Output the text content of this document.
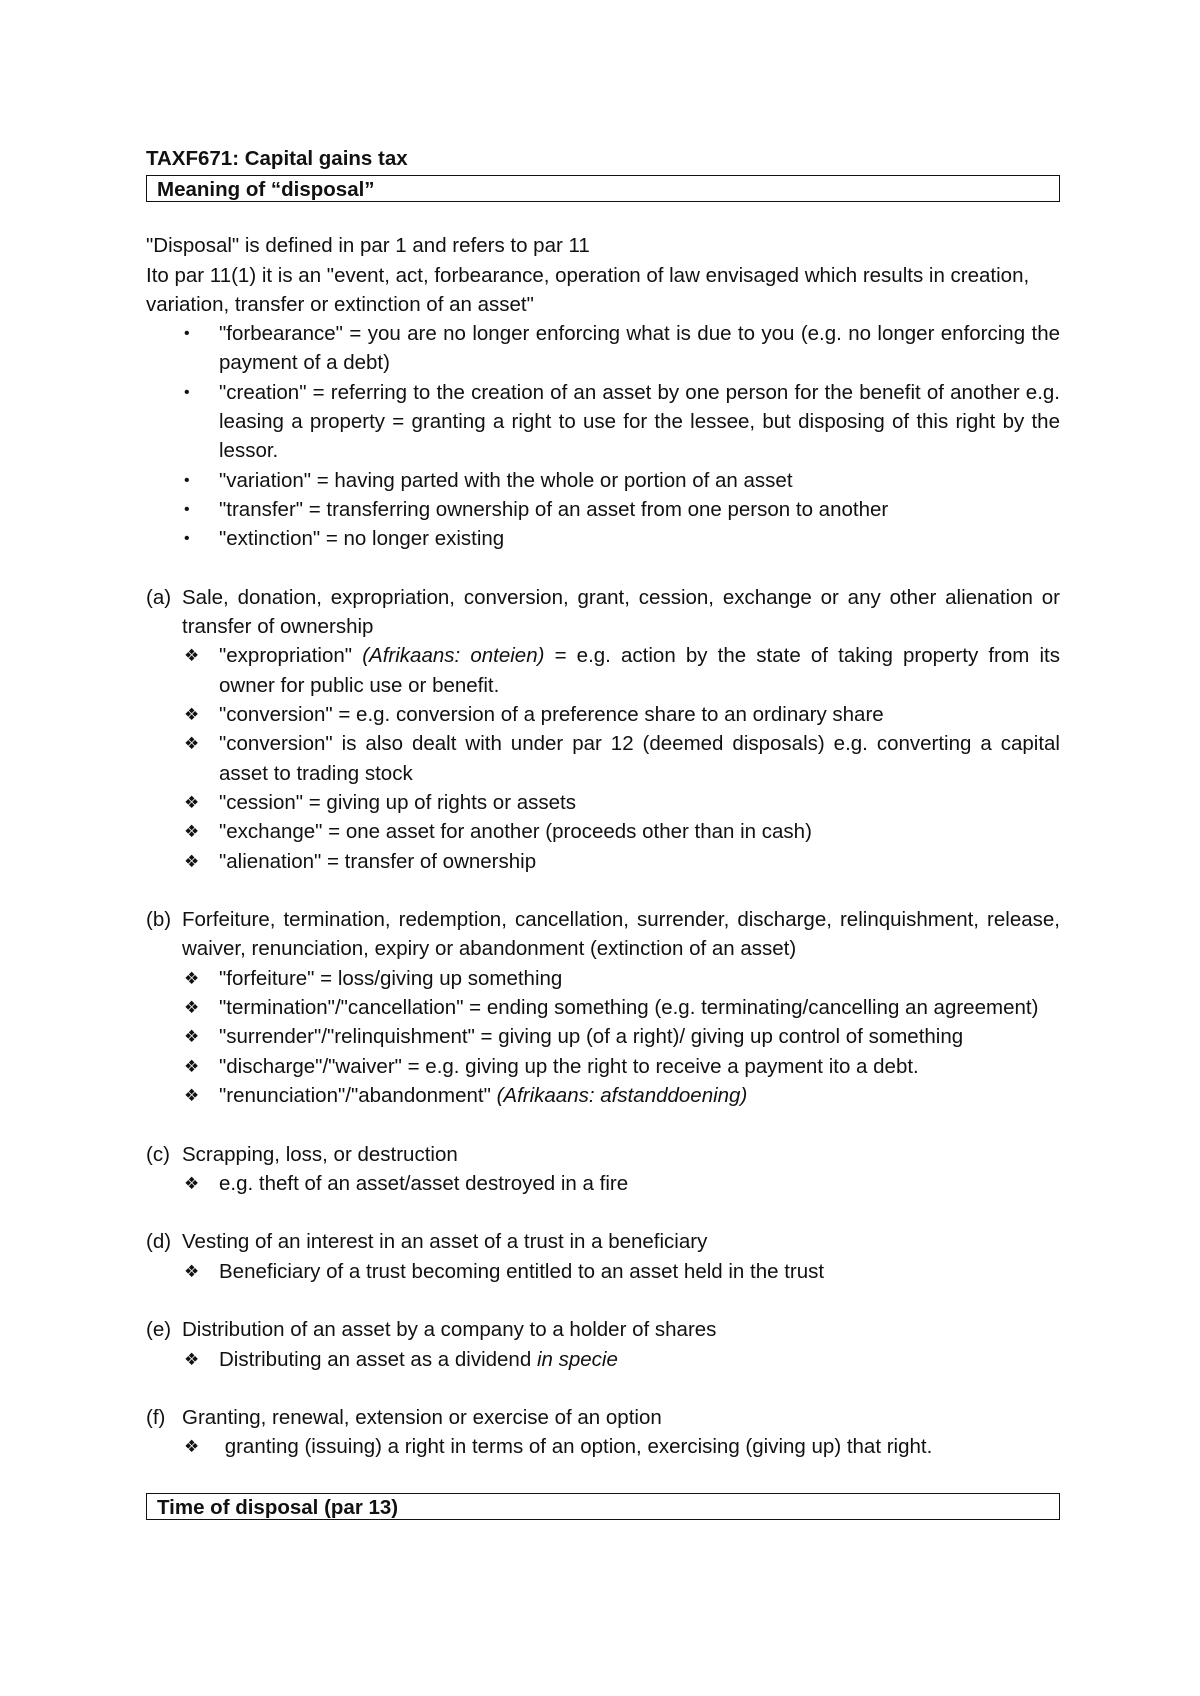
TAXF671: Capital gains tax

Meaning of “disposal”

"Disposal" is defined in par 1 and refers to par 11

Ito par 11(1) it is an "event, act, forbearance, operation of law envisaged which results in creation, variation, transfer or extinction of an asset"

• "forbearance" = you are no longer enforcing what is due to you (e.g. no longer enforcing the payment of a debt)
• "creation" = referring to the creation of an asset by one person for the benefit of another e.g. leasing a property = granting a right to use for the lessee, but disposing of this right by the lessor.
• "variation" = having parted with the whole or portion of an asset
• "transfer" = transferring ownership of an asset from one person to another
• "extinction" = no longer existing
(a) Sale, donation, expropriation, conversion, grant, cession, exchange or any other alienation or transfer of ownership

❖ "expropriation" (Afrikaans: onteien) = e.g. action by the state of taking property from its owner for public use or benefit.
❖ "conversion" = e.g. conversion of a preference share to an ordinary share
❖ "conversion" is also dealt with under par 12 (deemed disposals) e.g. converting a capital asset to trading stock
❖ "cession" = giving up of rights or assets
❖ "exchange" = one asset for another (proceeds other than in cash)
❖ "alienation" = transfer of ownership
(b) Forfeiture, termination, redemption, cancellation, surrender, discharge, relinquishment, release, waiver, renunciation, expiry or abandonment (extinction of an asset)

❖ "forfeiture" = loss/giving up something
❖ "termination"/"cancellation" = ending something (e.g. terminating/cancelling an agreement)
❖ "surrender"/"relinquishment" = giving up (of a right)/ giving up control of something
❖ "discharge"/"waiver" = e.g. giving up the right to receive a payment ito a debt.
❖ "renunciation"/"abandonment" (Afrikaans: afstanddoening)
(c) Scrapping, loss, or destruction

❖ e.g. theft of an asset/asset destroyed in a fire
(d) Vesting of an interest in an asset of a trust in a beneficiary

❖ Beneficiary of a trust becoming entitled to an asset held in the trust
(e) Distribution of an asset by a company to a holder of shares

❖ Distributing an asset as a dividend in specie
(f) Granting, renewal, extension or exercise of an option

❖ granting (issuing) a right in terms of an option, exercising (giving up) that right.
Time of disposal (par 13)
